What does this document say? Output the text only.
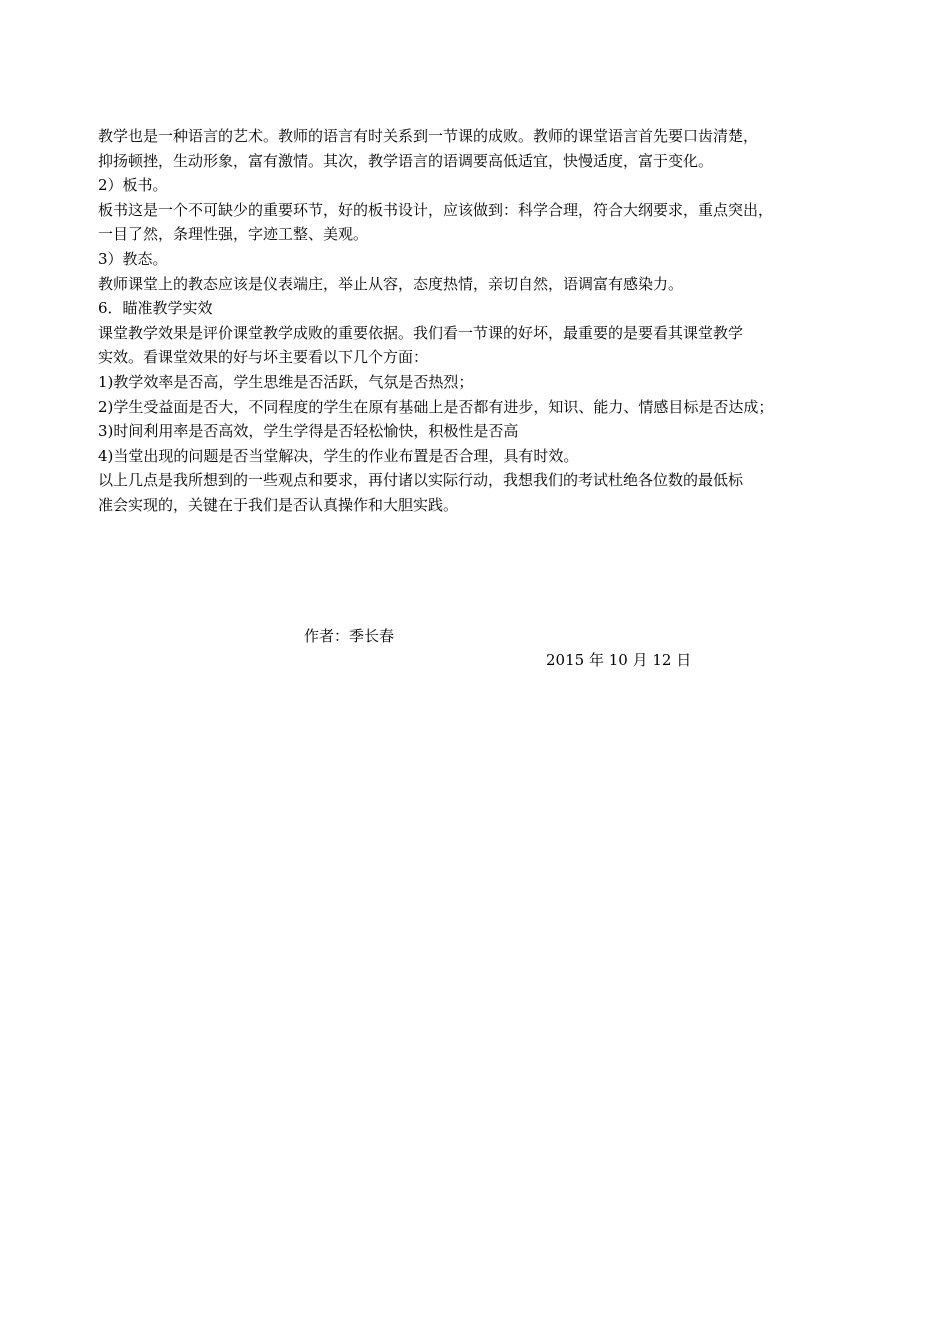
教学也是一种语言的艺术。教师的语言有时关系到一节课的成败。教师的课堂语言首先要口齿清楚，
抑扬顿挫，生动形象，富有激情。其次，教学语言的语调要高低适宜，快慢适度，富于变化。
2）板书。
板书这是一个不可缺少的重要环节，好的板书设计，应该做到：科学合理，符合大纲要求，重点突出，
一目了然，条理性强，字迹工整、美观。
3）教态。
教师课堂上的教态应该是仪表端庄，举止从容，态度热情，亲切自然，语调富有感染力。
6．瞄准教学实效
课堂教学效果是评价课堂教学成败的重要依据。我们看一节课的好坏，最重要的是要看其课堂教学
实效。看课堂效果的好与坏主要看以下几个方面：
1)教学效率是否高，学生思维是否活跃，气氛是否热烈；
2)学生受益面是否大，不同程度的学生在原有基础上是否都有进步，知识、能力、情感目标是否达成；
3)时间利用率是否高效，学生学得是否轻松愉快，积极性是否高
4)当堂出现的问题是否当堂解决，学生的作业布置是否合理，具有时效。
以上几点是我所想到的一些观点和要求，再付诸以实际行动，我想我们的考试杜绝各位数的最低标
准会实现的，关键在于我们是否认真操作和大胆实践。
作者：季长春
2015 年 10 月 12 日
